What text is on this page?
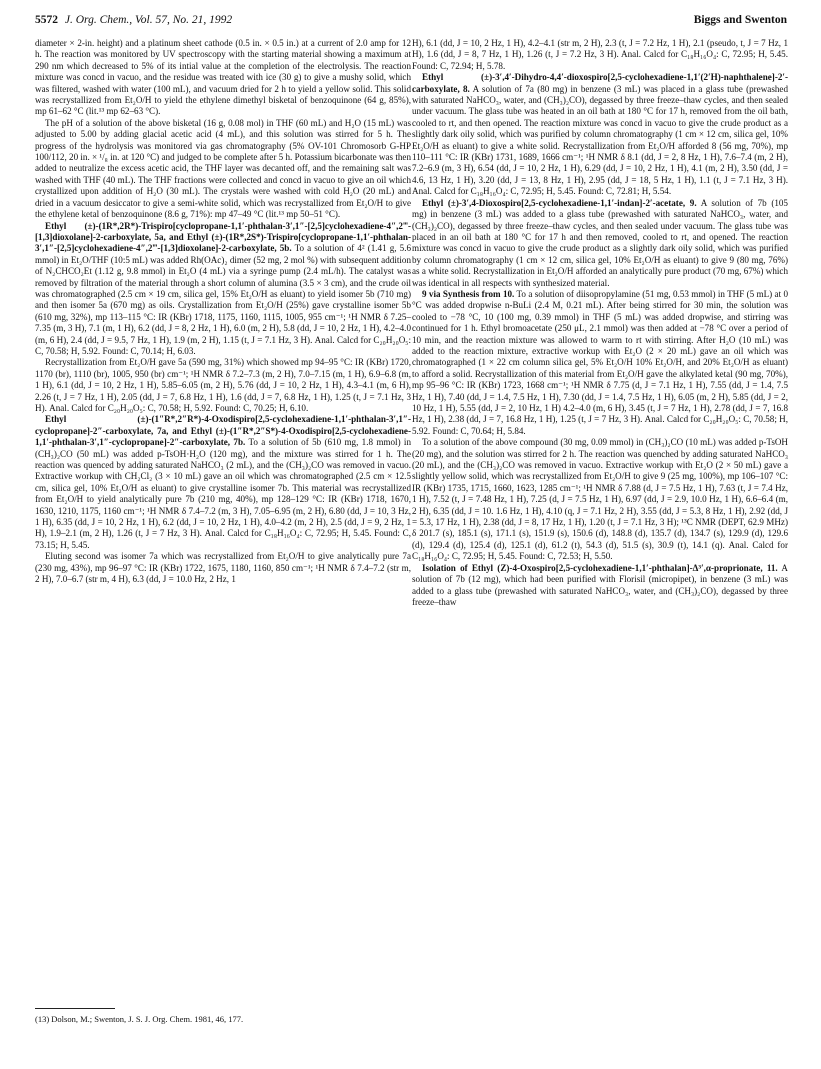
5572 J. Org. Chem., Vol. 57, No. 21, 1992	Biggs and Swenton

diameter × 2-in. height) and a platinum sheet cathode (0.5 in. × 0.5 in.) at a current of 2.0 amp for 12 h. The reaction was monitored by UV spectroscopy with the starting material showing a maximum at 290 nm which decreased to 5% of its intial value at the completion of the electrolysis. The reaction mixture was concd in vacuo, and the residue was treated with ice (30 g) to give a mushy solid, which was filtered, washed with water (100 mL), and vacuum dried for 2 h to yield a yellow solid. This solid was recrystallized from Et₂O/H to yield the ethylene dimethyl bisketal of benzoquinone (64 g, 85%), mp 61–62 °C (lit.¹³ mp 62–63 °C).

The pH of a solution of the above bisketal (16 g, 0.08 mol) in THF (60 mL) and H₂O (15 mL) was adjusted to 5.00 by adding glacial acetic acid (4 mL), and this solution was stirred for 5 h. The progress of the hydrolysis was monitored via gas chromatography (5% OV-101 Chromosorb G-HP 100/112, 20 in. × ¹/₈ in. at 120 °C) and judged to be complete after 5 h. Potassium bicarbonate was then added to neutralize the excess acetic acid, the THF layer was decanted off, and the remaining salt was washed with THF (40 mL). The THF fractions were collected and concd in vacuo to give an oil which crystallized upon addition of H₂O (30 mL). The crystals were washed with cold H₂O (20 mL) and dried in a vacuum desiccator to give a semi-white solid, which was recrystallized from Et₂O/H to give the ethylene ketal of benzoquinone (8.6 g, 71%): mp 47–49 °C (lit.¹³ mp 50–51 °C).

Ethyl (±)-(1R*,2R*)-Trispiro[cyclopropane-1,1′-phthalan-3′,1″-[2,5]cyclohexadiene-4″,2‴-[1,3]dioxolane]-2-carboxylate, 5a, and Ethyl (±)-(1R*,2S*)-Trispiro[cyclopropane-1,1′-phthalan-3′,1″-[2,5]cyclohexadiene-4″,2‴-[1,3]dioxolane]-2-carboxylate, 5b. To a solution of 4² (1.41 g, 5.6 mmol) in Et₂O/THF (10:5 mL) was added Rh(OAc)₂ dimer (52 mg, 2 mol %) with subsequent addition of N₂CHCO₂Et (1.12 g, 9.8 mmol) in Et₂O (4 mL) via a syringe pump (2.4 mL/h). The catalyst was removed by filtration of the material through a short column of alumina (3.5 × 3 cm), and the crude oil was chromatographed (2.5 cm × 19 cm, silica gel, 15% Et₂O/H as eluant) to yield isomer 5b (710 mg) and then isomer 5a (670 mg) as oils. Crystallization from Et₂O/H (25%) gave crystalline isomer 5b (610 mg, 32%), mp 113–115 °C: IR (KBr) 1718, 1175, 1160, 1115, 1005, 955 cm⁻¹; ¹H NMR δ 7.25–7.35 (m, 3 H), 7.1 (m, 1 H), 6.2 (dd, J = 8, 2 Hz, 1 H), 6.0 (m, 2 H), 5.8 (dd, J = 10, 2 Hz, 1 H), 4.2–4.0 (m, 6 H), 2.4 (dd, J = 9.5, 7 Hz, 1 H), 1.9 (m, 2 H), 1.15 (t, J = 7.1 Hz, 3 H). Anal. Calcd for C₂₀H₂₀O₅: C, 70.58; H, 5.92. Found: C, 70.14; H, 6.03.

Recrystallization from Et₂O/H gave 5a (590 mg, 31%) which showed mp 94–95 °C: IR (KBr) 1720, 1170 (br), 1110 (br), 1005, 950 (br) cm⁻¹; ¹H NMR δ 7.2–7.3 (m, 2 H), 7.0–7.15 (m, 1 H), 6.9–6.8 (m, 1 H), 6.1 (dd, J = 10, 2 Hz, 1 H), 5.85–6.05 (m, 2 H), 5.76 (dd, J = 10, 2 Hz, 1 H), 4.3–4.1 (m, 6 H), 2.26 (t, J = 7 Hz, 1 H), 2.05 (dd, J = 7, 6.8 Hz, 1 H), 1.6 (dd, J = 7, 6.8 Hz, 1 H), 1.25 (t, J = 7.1 Hz, 3 H). Anal. Calcd for C₂₀H₂₀O₅: C, 70.58; H, 5.92. Found: C, 70.25; H, 6.10.

Ethyl (±)-(1″R*,2″R*)-4-Oxodispiro[2,5-cyclohexadiene-1,1′-phthalan-3′,1″-cyclopropane]-2″-carboxylate, 7a, and Ethyl (±)-(1″R*,2″S*)-4-Oxodispiro[2,5-cyclohexadiene-1,1′-phthalan-3′,1″-cyclopropane]-2″-carboxylate, 7b. To a solution of 5b (610 mg, 1.8 mmol) in (CH₃)₂CO (50 mL) was added p-TsOH·H₂O (120 mg), and the mixture was stirred for 1 h. The reaction was quenced by adding saturated NaHCO₃ (2 mL), and the (CH₃)₂CO was removed in vacuo. Extractive workup with CH₂Cl₂ (3 × 10 mL) gave an oil which was chromatographed (2.5 cm × 12.5 cm, silica gel, 10% Et₂O/H as eluant) to give crystalline isomer 7b. This material was recrystallized from Et₂O/H to yield analytically pure 7b (210 mg, 40%), mp 128–129 °C: IR (KBr) 1718, 1670, 1630, 1210, 1175, 1160 cm⁻¹; ¹H NMR δ 7.4–7.2 (m, 3 H), 7.05–6.95 (m, 2 H), 6.80 (dd, J = 10, 3 Hz, 1 H), 6.35 (dd, J = 10, 2 Hz, 1 H), 6.2 (dd, J = 10, 2 Hz, 1 H), 4.0–4.2 (m, 2 H), 2.5 (dd, J = 9, 2 Hz, 1 H), 1.9–2.1 (m, 2 H), 1.26 (t, J = 7 Hz, 3 H). Anal. Calcd for C₁₈H₁₆O₄: C, 72.95; H, 5.45. Found: C, 73.15; H, 5.45.

Eluting second was isomer 7a which was recrystallized from Et₂O/H to give analytically pure 7a (230 mg, 43%), mp 96–97 °C: IR (KBr) 1722, 1675, 1180, 1160, 850 cm⁻¹; ¹H NMR δ 7.4–7.2 (str m, 2 H), 7.0–6.7 (str m, 4 H), 6.3 (dd, J = 10.0 Hz, 2 Hz, 1

H), 6.1 (dd, J = 10, 2 Hz, 1 H), 4.2–4.1 (str m, 2 H), 2.3 (t, J = 7.2 Hz, 1 H), 2.1 (pseudo, t, J = 7 Hz, 1 H), 1.6 (dd, J = 8, 7 Hz, 1 H), 1.26 (t, J = 7.2 Hz, 3 H). Anal. Calcd for C₁₈H₁₆O₄: C, 72.95; H, 5.45. Found: C, 72.94; H, 5.78.

Ethyl (±)-3′,4′-Dihydro-4,4′-dioxospiro[2,5-cyclohexadiene-1,1′(2′H)-naphthalene]-2′-carboxylate, 8. A solution of 7a (80 mg) in benzene (3 mL) was placed in a glass tube (prewashed with saturated NaHCO₃, water, and (CH₃)₂CO), degassed by three freeze–thaw cycles, and then sealed under vacuum. The glass tube was heated in an oil bath at 180 °C for 17 h, removed from the oil bath, cooled to rt, and then opened. The reaction mixture was concd in vacuo to give the crude product as a slightly dark oily solid, which was purified by column chromatography (1 cm × 12 cm, silica gel, 10% Et₂O/H as eluant) to give a white solid. Recrystallization from Et₂O/H afforded 8 (56 mg, 70%), mp 110–111 °C: IR (KBr) 1731, 1689, 1666 cm⁻¹; ¹H NMR δ 8.1 (dd, J = 2, 8 Hz, 1 H), 7.6–7.4 (m, 2 H), 7.2–6.9 (m, 3 H), 6.54 (dd, J = 10, 2 Hz, 1 H), 6.29 (dd, J = 10, 2 Hz, 1 H), 4.1 (m, 2 H), 3.50 (dd, J = 4.6, 13 Hz, 1 H), 3.20 (dd, J = 13, 8 Hz, 1 H), 2.95 (dd, J = 18, 5 Hz, 1 H), 1.1 (t, J = 7.1 Hz, 3 H). Anal. Calcd for C₁₈H₁₆O₄: C, 72.95; H, 5.45. Found: C, 72.81; H, 5.54.

Ethyl (±)-3′,4-Dioxospiro[2,5-cyclohexadiene-1,1′-indan]-2′-acetate, 9. A solution of 7b (105 mg) in benzene (3 mL) was added to a glass tube (prewashed with saturated NaHCO₃, water, and (CH₃)₂CO), degassed by three freeze–thaw cycles, and then sealed under vacuum. The glass tube was placed in an oil bath at 180 °C for 17 h and then removed, cooled to rt, and opened. The reaction mixture was concd in vacuo to give the crude product as a slightly dark oily solid, which was purified by column chromatography (1 cm × 12 cm, silica gel, 10% Et₂O/H as eluant) to give 9 (80 mg, 76%) as a white solid. Recrystallization in Et₂O/H afforded an analytically pure product (70 mg, 67%) which was identical in all respects with synthesized material.

9 via Synthesis from 10. To a solution of diisopropylamine (51 mg, 0.53 mmol) in THF (5 mL) at 0 °C was added dropwise n-BuLi (2.4 M, 0.21 mL). After being stirred for 30 min, the solution was cooled to −78 °C, 10 (100 mg, 0.39 mmol) in THF (5 mL) was added dropwise, and stirring was continued for 1 h. Ethyl bromoacetate (250 μL, 2.1 mmol) was then added at −78 °C over a period of 10 min, and the reaction mixture was allowed to warm to rt with stirring. After H₂O (10 mL) was added to the reaction mixture, extractive workup with Et₂O (2 × 20 mL) gave an oil which was chromatographed (1 × 22 cm column silica gel, 5% Et₂O/H 10% Et₂O/H, and 20% Et₂O/H as eluant) to afford a solid. Recrystallization of this material from Et₂O/H gave the alkylated ketal (90 mg, 70%), mp 95–96 °C: IR (KBr) 1723, 1668 cm⁻¹; ¹H NMR δ 7.75 (d, J = 7.1 Hz, 1 H), 7.55 (dd, J = 1.4, 7.5 Hz, 1 H), 7.40 (dd, J = 1.4, 7.5 Hz, 1 H), 7.30 (dd, J = 1.4, 7.5 Hz, 1 H), 6.05 (m, 2 H), 5.85 (dd, J = 2, 10 Hz, 1 H), 5.55 (dd, J = 2, 10 Hz, 1 H) 4.2–4.0 (m, 6 H), 3.45 (t, J = 7 Hz, 1 H), 2.78 (dd, J = 7, 16.8 Hz, 1 H), 2.38 (dd, J = 7, 16.8 Hz, 1 H), 1.25 (t, J = 7 Hz, 3 H). Anal. Calcd for C₂₀H₂₀O₅: C, 70.58; H, 5.92. Found: C, 70.64; H, 5.84.

To a solution of the above compound (30 mg, 0.09 mmol) in (CH₃)₂CO (10 mL) was added p-TsOH (20 mg), and the solution was stirred for 2 h. The reaction was quenched by adding saturated NaHCO₃ (20 mL), and the (CH₃)₂CO was removed in vacuo. Extractive workup with Et₂O (2 × 50 mL) gave a slightly yellow solid, which was recrystallized from Et₂O/H to give 9 (25 mg, 100%), mp 106–107 °C: IR (KBr) 1735, 1715, 1660, 1623, 1285 cm⁻¹; ¹H NMR δ 7.88 (d, J = 7.5 Hz, 1 H), 7.63 (t, J = 7.4 Hz, 1 H), 7.52 (t, J = 7.48 Hz, 1 H), 7.25 (d, J = 7.5 Hz, 1 H), 6.97 (dd, J = 2.9, 10.0 Hz, 1 H), 6.6–6.4 (m, 2 H), 6.35 (dd, J = 10. 1.6 Hz, 1 H), 4.10 (q, J = 7.1 Hz, 2 H), 3.55 (dd, J = 5.3, 8 Hz, 1 H), 2.92 (dd, J = 5.3, 17 Hz, 1 H), 2.38 (dd, J = 8, 17 Hz, 1 H), 1.20 (t, J = 7.1 Hz, 3 H); ¹³C NMR (DEPT, 62.9 MHz) δ 201.7 (s), 185.1 (s), 171.1 (s), 151.9 (s), 150.6 (d), 148.8 (d), 135.7 (d), 134.7 (s), 129.9 (d), 129.6 (d), 129.4 (d), 125.4 (d), 125.1 (d), 61.2 (t), 54.3 (d), 51.5 (s), 30.9 (t), 14.1 (q). Anal. Calcd for C₁₈H₁₆O₄: C, 72.95; H, 5.45. Found: C, 72.53; H, 5.50.

Isolation of Ethyl (Z)-4-Oxospiro[2,5-cyclohexadiene-1,1′-phthalan]-Δ³′,α-proprionate, 11. A solution of 7b (12 mg), which had been purified with Florisil (micropipet), in benzene (3 mL) was added to a glass tube (prewashed with saturated NaHCO₃, water, and (CH₃)₂CO), degassed by three freeze–thaw

(13) Dolson, M.; Swenton, J. S. J. Org. Chem. 1981, 46, 177.
